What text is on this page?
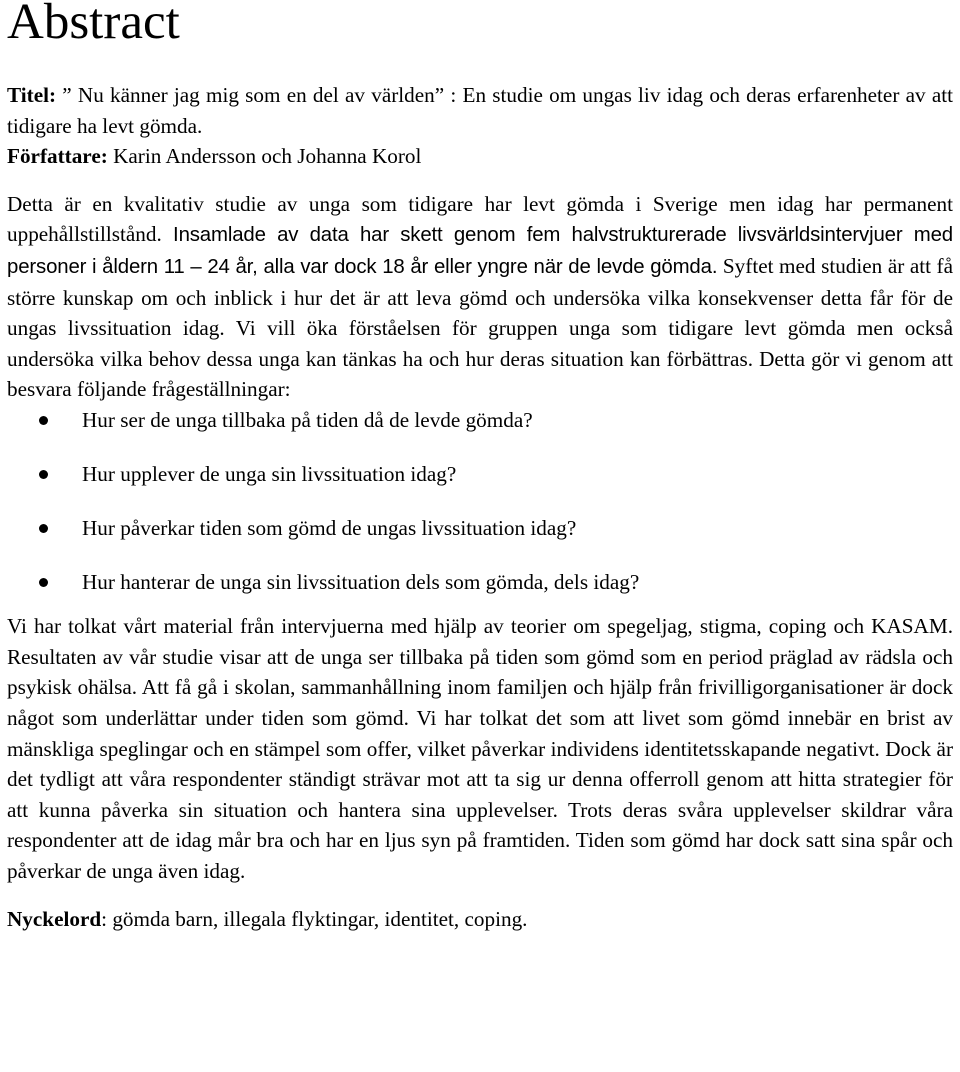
Abstract

Titel: ” Nu känner jag mig som en del av världen” : En studie om ungas liv idag och deras erfarenheter av att tidigare ha levt gömda.

Författare: Karin Andersson och Johanna Korol

Detta är en kvalitativ studie av unga som tidigare har levt gömda i Sverige men idag har permanent uppehållstillstånd. Insamlade av data har skett genom fem halvstrukturerade livsvärldsintervjuer med personer i åldern 11 – 24 år, alla var dock 18 år eller yngre när de levde gömda. Syftet med studien är att få större kunskap om och inblick i hur det är att leva gömd och undersöka vilka konsekvenser detta får för de ungas livssituation idag. Vi vill öka förståelsen för gruppen unga som tidigare levt gömda men också undersöka vilka behov dessa unga kan tänkas ha och hur deras situation kan förbättras. Detta gör vi genom att besvara följande frågeställningar:

Hur ser de unga tillbaka på tiden då de levde gömda?
Hur upplever de unga sin livssituation idag?
Hur påverkar tiden som gömd de ungas livssituation idag?
Hur hanterar de unga sin livssituation dels som gömda, dels idag?

Vi har tolkat vårt material från intervjuerna med hjälp av teorier om spegeljag, stigma, coping och KASAM. Resultaten av vår studie visar att de unga ser tillbaka på tiden som gömd som en period präglad av rädsla och psykisk ohälsa. Att få gå i skolan, sammanhållning inom familjen och hjälp från frivilligorganisationer är dock något som underlättar under tiden som gömd. Vi har tolkat det som att livet som gömd innebär en brist av mänskliga speglingar och en stämpel som offer, vilket påverkar individens identitetsskapande negativt. Dock är det tydligt att våra respondenter ständigt strävar mot att ta sig ur denna offerroll genom att hitta strategier för att kunna påverka sin situation och hantera sina upplevelser. Trots deras svåra upplevelser skildrar våra respondenter att de idag mår bra och har en ljus syn på framtiden. Tiden som gömd har dock satt sina spår och påverkar de unga även idag.

Nyckelord: gömda barn, illegala flyktingar, identitet, coping.
